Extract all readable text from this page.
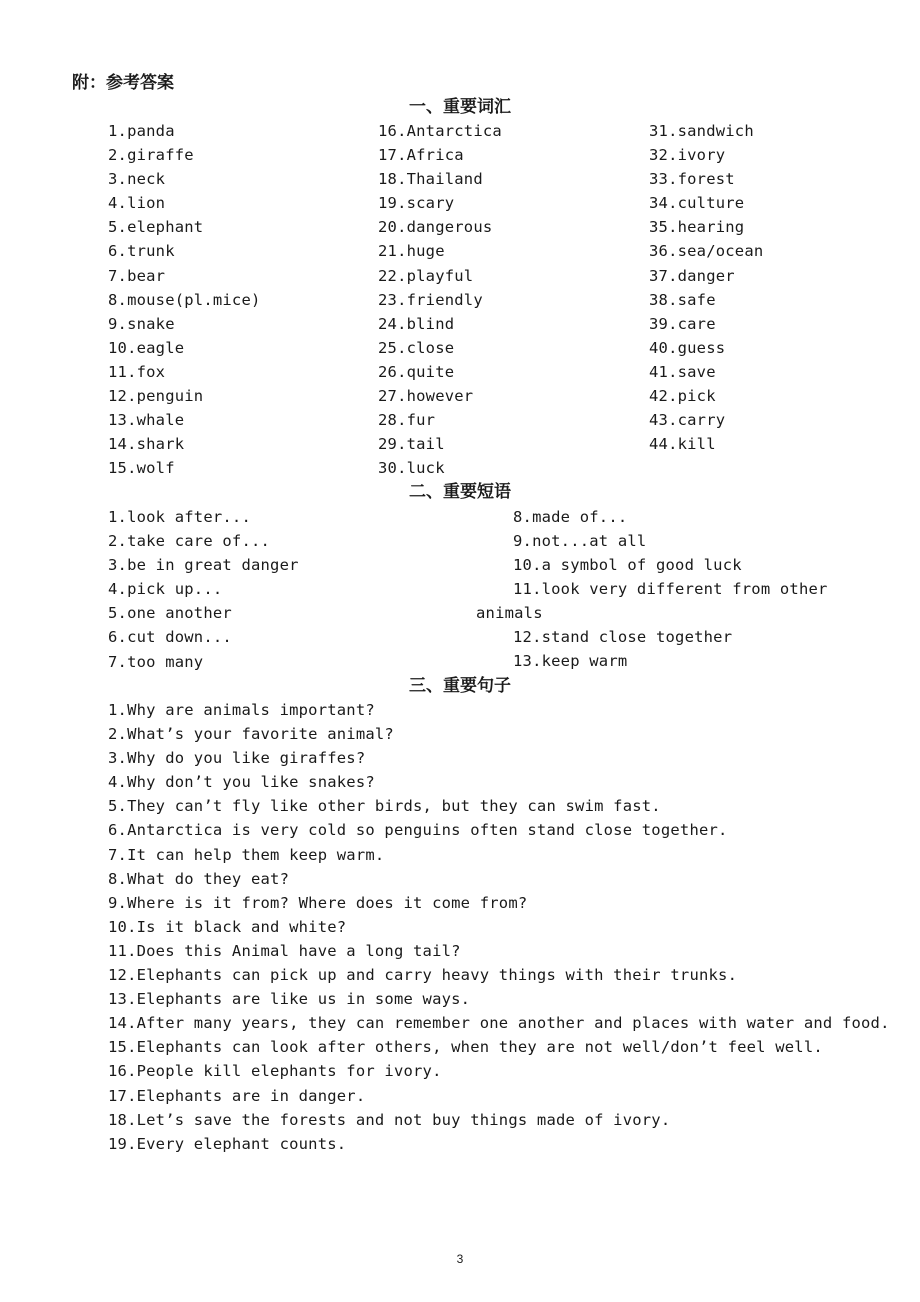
附：参考答案
一、重要词汇
1.panda
2.giraffe
3.neck
4.lion
5.elephant
6.trunk
7.bear
8.mouse(pl.mice)
9.snake
10.eagle
11.fox
12.penguin
13.whale
14.shark
15.wolf
16.Antarctica
17.Africa
18.Thailand
19.scary
20.dangerous
21.huge
22.playful
23.friendly
24.blind
25.close
26.quite
27.however
28.fur
29.tail
30.luck
31.sandwich
32.ivory
33.forest
34.culture
35.hearing
36.sea/ocean
37.danger
38.safe
39.care
40.guess
41.save
42.pick
43.carry
44.kill
二、重要短语
1.look after...
2.take care of...
3.be in great danger
4.pick up...
5.one another
6.cut down...
7.too many
8.made of...
9.not...at all
10.a symbol of good luck
11.look very different from other
animals
12.stand close together
13.keep warm
三、重要句子
1.Why are animals important?
2.What’s your favorite animal?
3.Why do you like giraffes?
4.Why don’t you like snakes?
5.They can’t fly like other birds, but they can swim fast.
6.Antarctica is very cold so penguins often stand close together.
7.It can help them keep warm.
8.What do they eat?
9.Where is it from? Where does it come from?
10.Is it black and white?
11.Does this Animal have a long tail?
12.Elephants can pick up and carry heavy things with their trunks.
13.Elephants are like us in some ways.
14.After many years, they can remember one another and places with water and food.
15.Elephants can look after others, when they are not well/don’t feel well.
16.People kill elephants for ivory.
17.Elephants are in danger.
18.Let’s save the forests and not buy things made of ivory.
19.Every elephant counts.
3
